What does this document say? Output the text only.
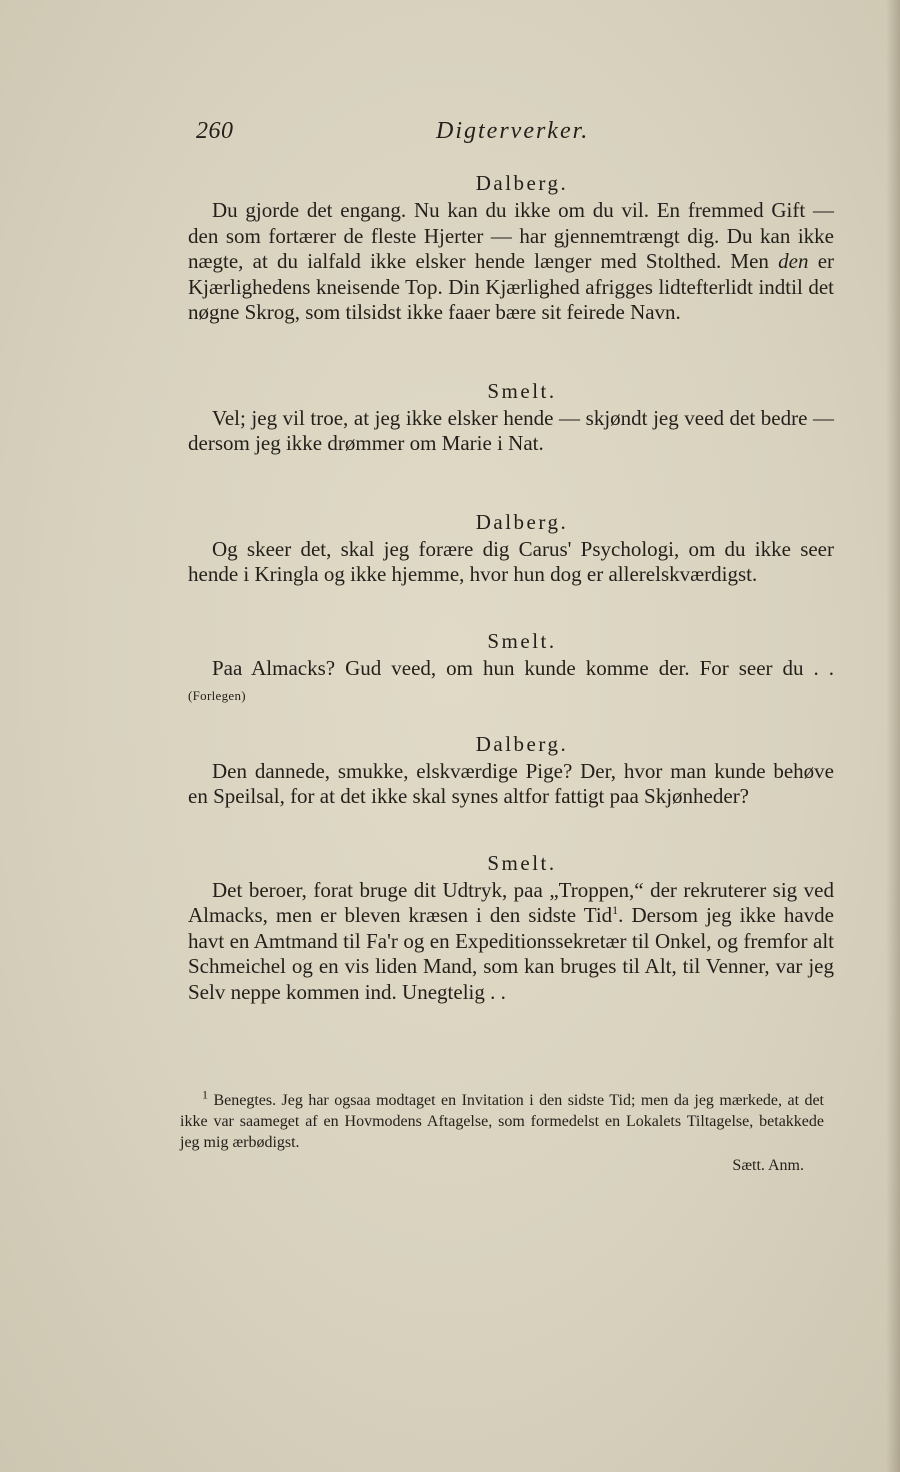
260	Digterverker.

Dalberg.

Du gjorde det engang. Nu kan du ikke om du vil. En fremmed Gift — den som fortærer de fleste Hjerter — har gjennemtrængt dig. Du kan ikke nægte, at du ialfald ikke elsker hende længer med Stolthed. Men den er Kjærlighedens kneisende Top. Din Kjærlighed afrigges lidtefterlidt indtil det nøgne Skrog, som tilsidst ikke faaer bære sit feirede Navn.

Smelt.

Vel; jeg vil troe, at jeg ikke elsker hende — skjøndt jeg veed det bedre — dersom jeg ikke drømmer om Marie i Nat.

Dalberg.

Og skeer det, skal jeg forære dig Carus' Psychologi, om du ikke seer hende i Kringla og ikke hjemme, hvor hun dog er allerelskværdigst.

Smelt.

Paa Almacks? Gud veed, om hun kunde komme der. For seer du . . (Forlegen)

Dalberg.

Den dannede, smukke, elskværdige Pige? Der, hvor man kunde behøve en Speilsal, for at det ikke skal synes altfor fattigt paa Skjønheder?

Smelt.

Det beroer, forat bruge dit Udtryk, paa „Troppen,“ der rekruterer sig ved Almacks, men er bleven kræsen i den sidste Tid$^1$. Dersom jeg ikke havde havt en Amtmand til Fa'r og en Expeditionssekretær til Onkel, og fremfor alt Schmeichel og en vis liden Mand, som kan bruges til Alt, til Venner, var jeg Selv neppe kommen ind. Unegtelig . .

$^1$ Benegtes. Jeg har ogsaa modtaget en Invitation i den sidste Tid; men da jeg mærkede, at det ikke var saameget af en Hovmodens Aftagelse, som formedelst en Lokalets Tiltagelse, betakkede jeg mig ærbødigst.

Sætt. Anm.
